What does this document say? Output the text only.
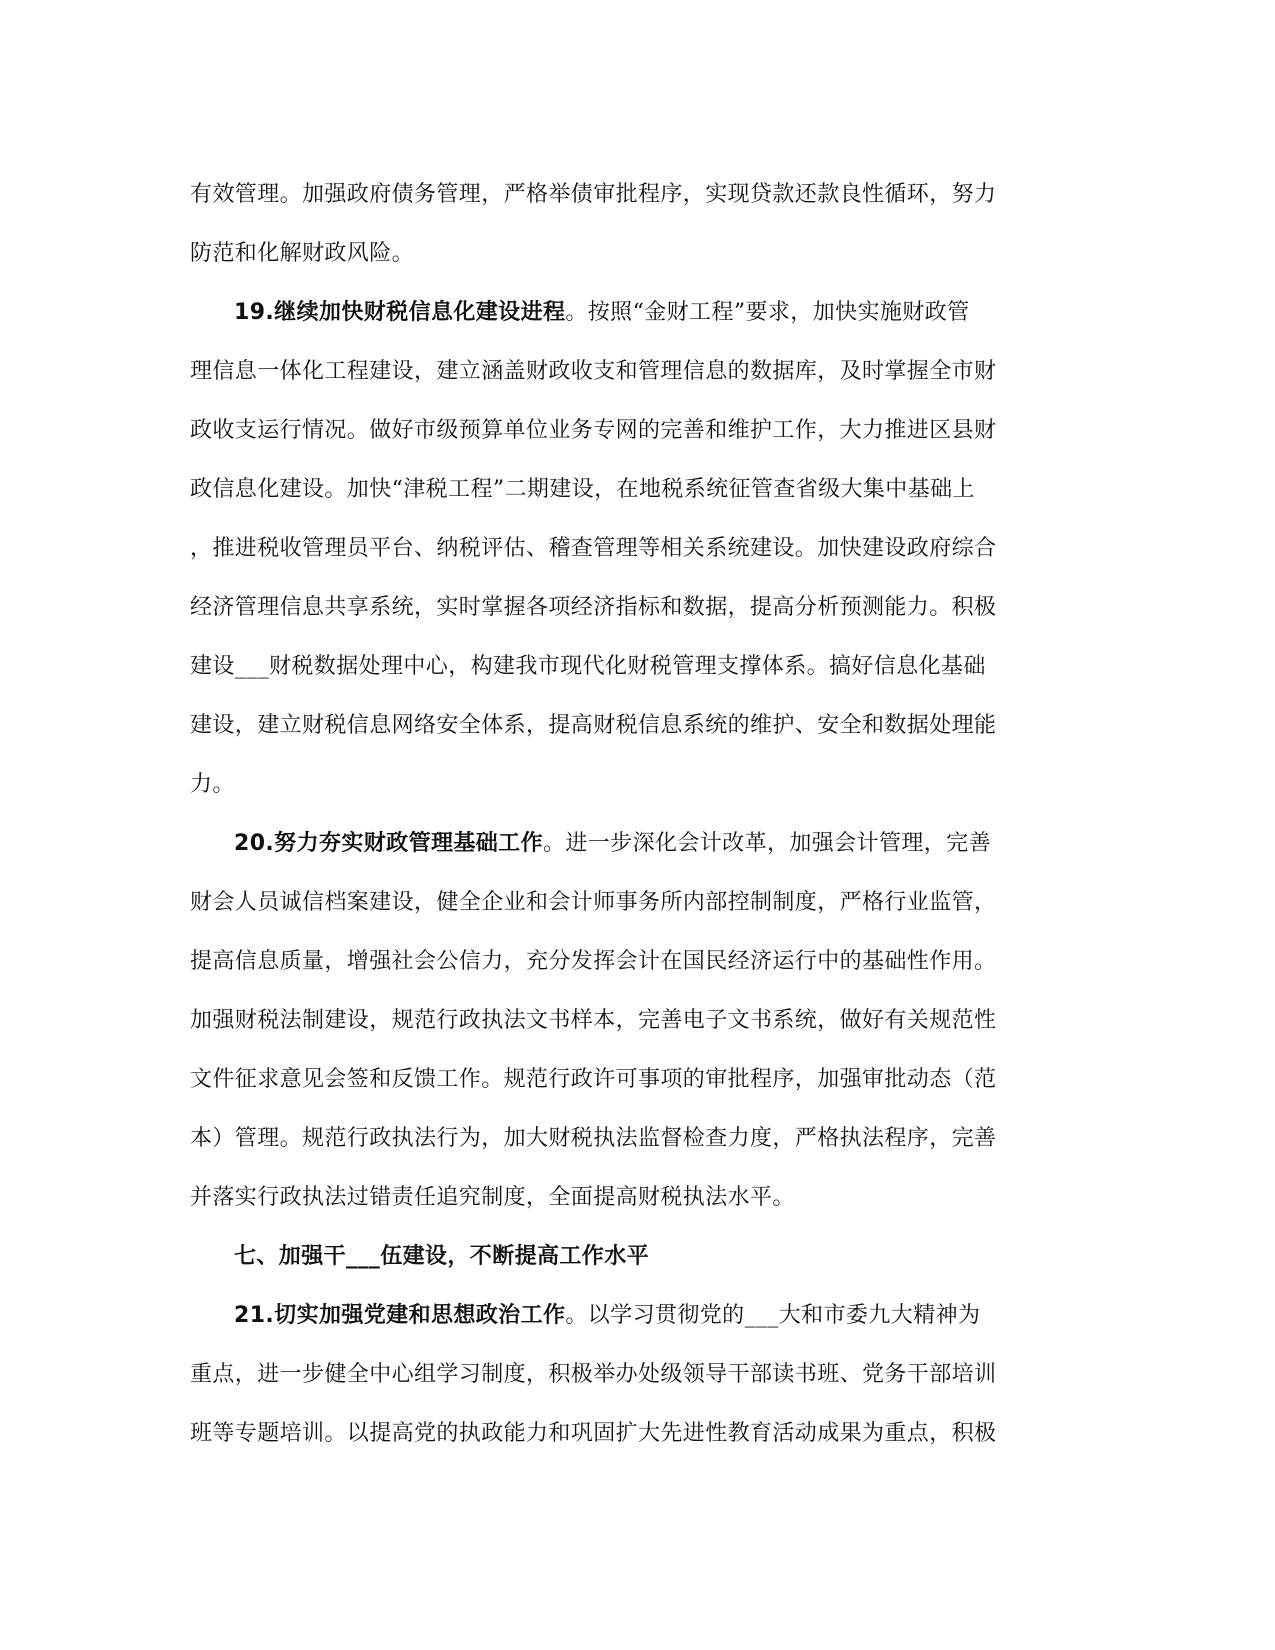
有效管理。加强政府债务管理，严格举债审批程序，实现贷款还款良性循环，努力
防范和化解财政风险。
19.继续加快财税信息化建设进程。按照“金财工程”要求，加快实施财政管
理信息一体化工程建设，建立涵盖财政收支和管理信息的数据库，及时掌握全市财
政收支运行情况。做好市级预算单位业务专网的完善和维护工作，大力推进区县财
政信息化建设。加快“津税工程”二期建设，在地税系统征管查省级大集中基础上
，推进税收管理员平台、纳税评估、稽查管理等相关系统建设。加快建设政府综合
经济管理信息共享系统，实时掌握各项经济指标和数据，提高分析预测能力。积极
建设___财税数据处理中心，构建我市现代化财税管理支撑体系。搞好信息化基础
建设，建立财税信息网络安全体系，提高财税信息系统的维护、安全和数据处理能
力。
20.努力夯实财政管理基础工作。进一步深化会计改革，加强会计管理，完善
财会人员诚信档案建设，健全企业和会计师事务所内部控制制度，严格行业监管，
提高信息质量，增强社会公信力，充分发挥会计在国民经济运行中的基础性作用。
加强财税法制建设，规范行政执法文书样本，完善电子文书系统，做好有关规范性
文件征求意见会签和反馈工作。规范行政许可事项的审批程序，加强审批动态（范
本）管理。规范行政执法行为，加大财税执法监督检查力度，严格执法程序，完善
并落实行政执法过错责任追究制度，全面提高财税执法水平。
七、加强干___伍建设，不断提高工作水平
21.切实加强党建和思想政治工作。以学习贯彻党的___大和市委九大精神为
重点，进一步健全中心组学习制度，积极举办处级领导干部读书班、党务干部培训
班等专题培训。以提高党的执政能力和巩固扩大先进性教育活动成果为重点，积极
